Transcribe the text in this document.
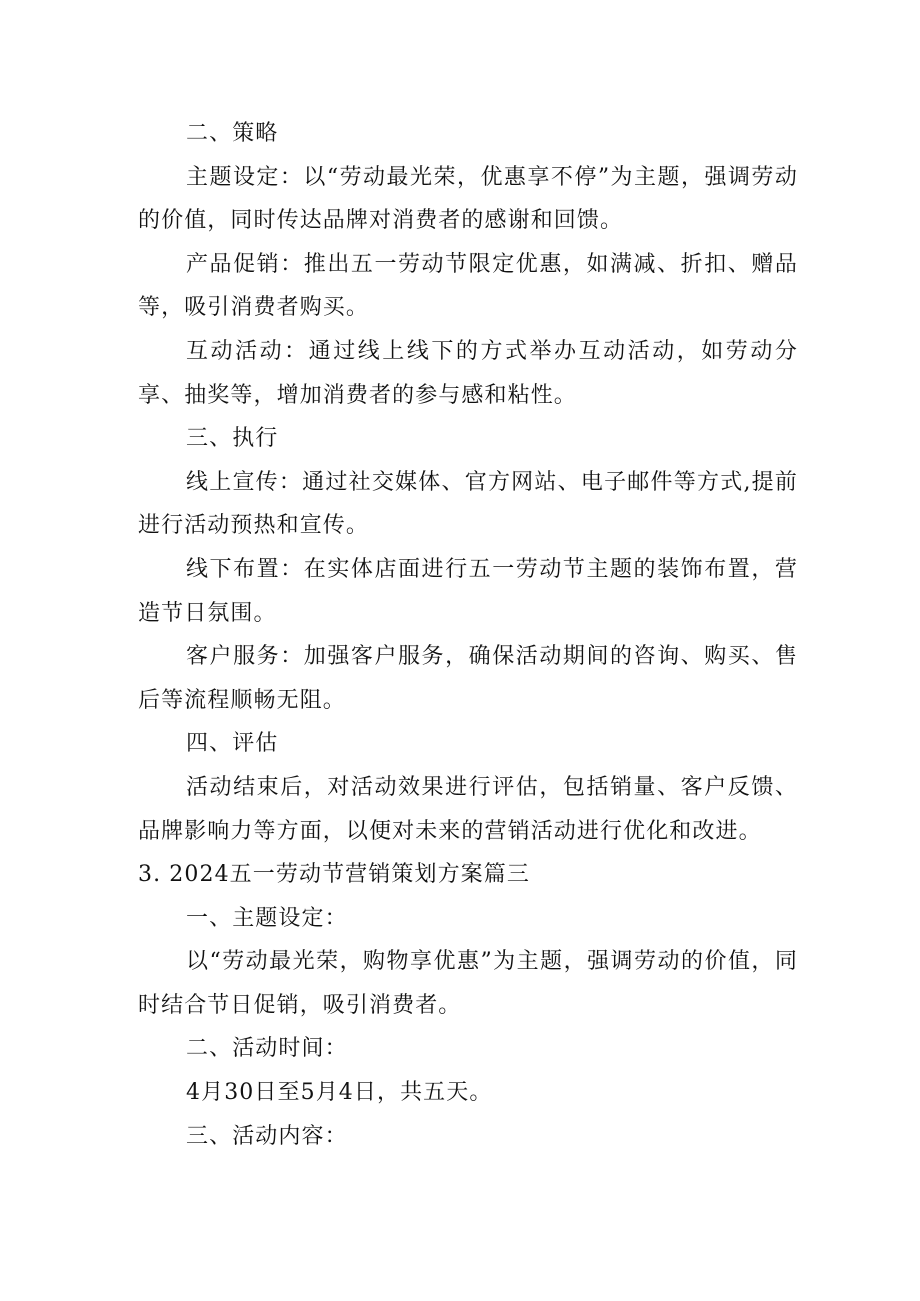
二、策略

主题设定：以“劳动最光荣，优惠享不停”为主题，强调劳动的价值，同时传达品牌对消费者的感谢和回馈。

产品促销：推出五一劳动节限定优惠，如满减、折扣、赠品等，吸引消费者购买。

互动活动：通过线上线下的方式举办互动活动，如劳动分享、抽奖等，增加消费者的参与感和粘性。

三、执行

线上宣传：通过社交媒体、官方网站、电子邮件等方式,提前进行活动预热和宣传。

线下布置：在实体店面进行五一劳动节主题的装饰布置，营造节日氛围。

客户服务：加强客户服务，确保活动期间的咨询、购买、售后等流程顺畅无阻。

四、评估

活动结束后，对活动效果进行评估，包括销量、客户反馈、品牌影响力等方面，以便对未来的营销活动进行优化和改进。

3. 2024五一劳动节营销策划方案篇三

一、主题设定：

以“劳动最光荣，购物享优惠”为主题，强调劳动的价值，同时结合节日促销，吸引消费者。

二、活动时间：

4月30日至5月4日，共五天。

三、活动内容：
